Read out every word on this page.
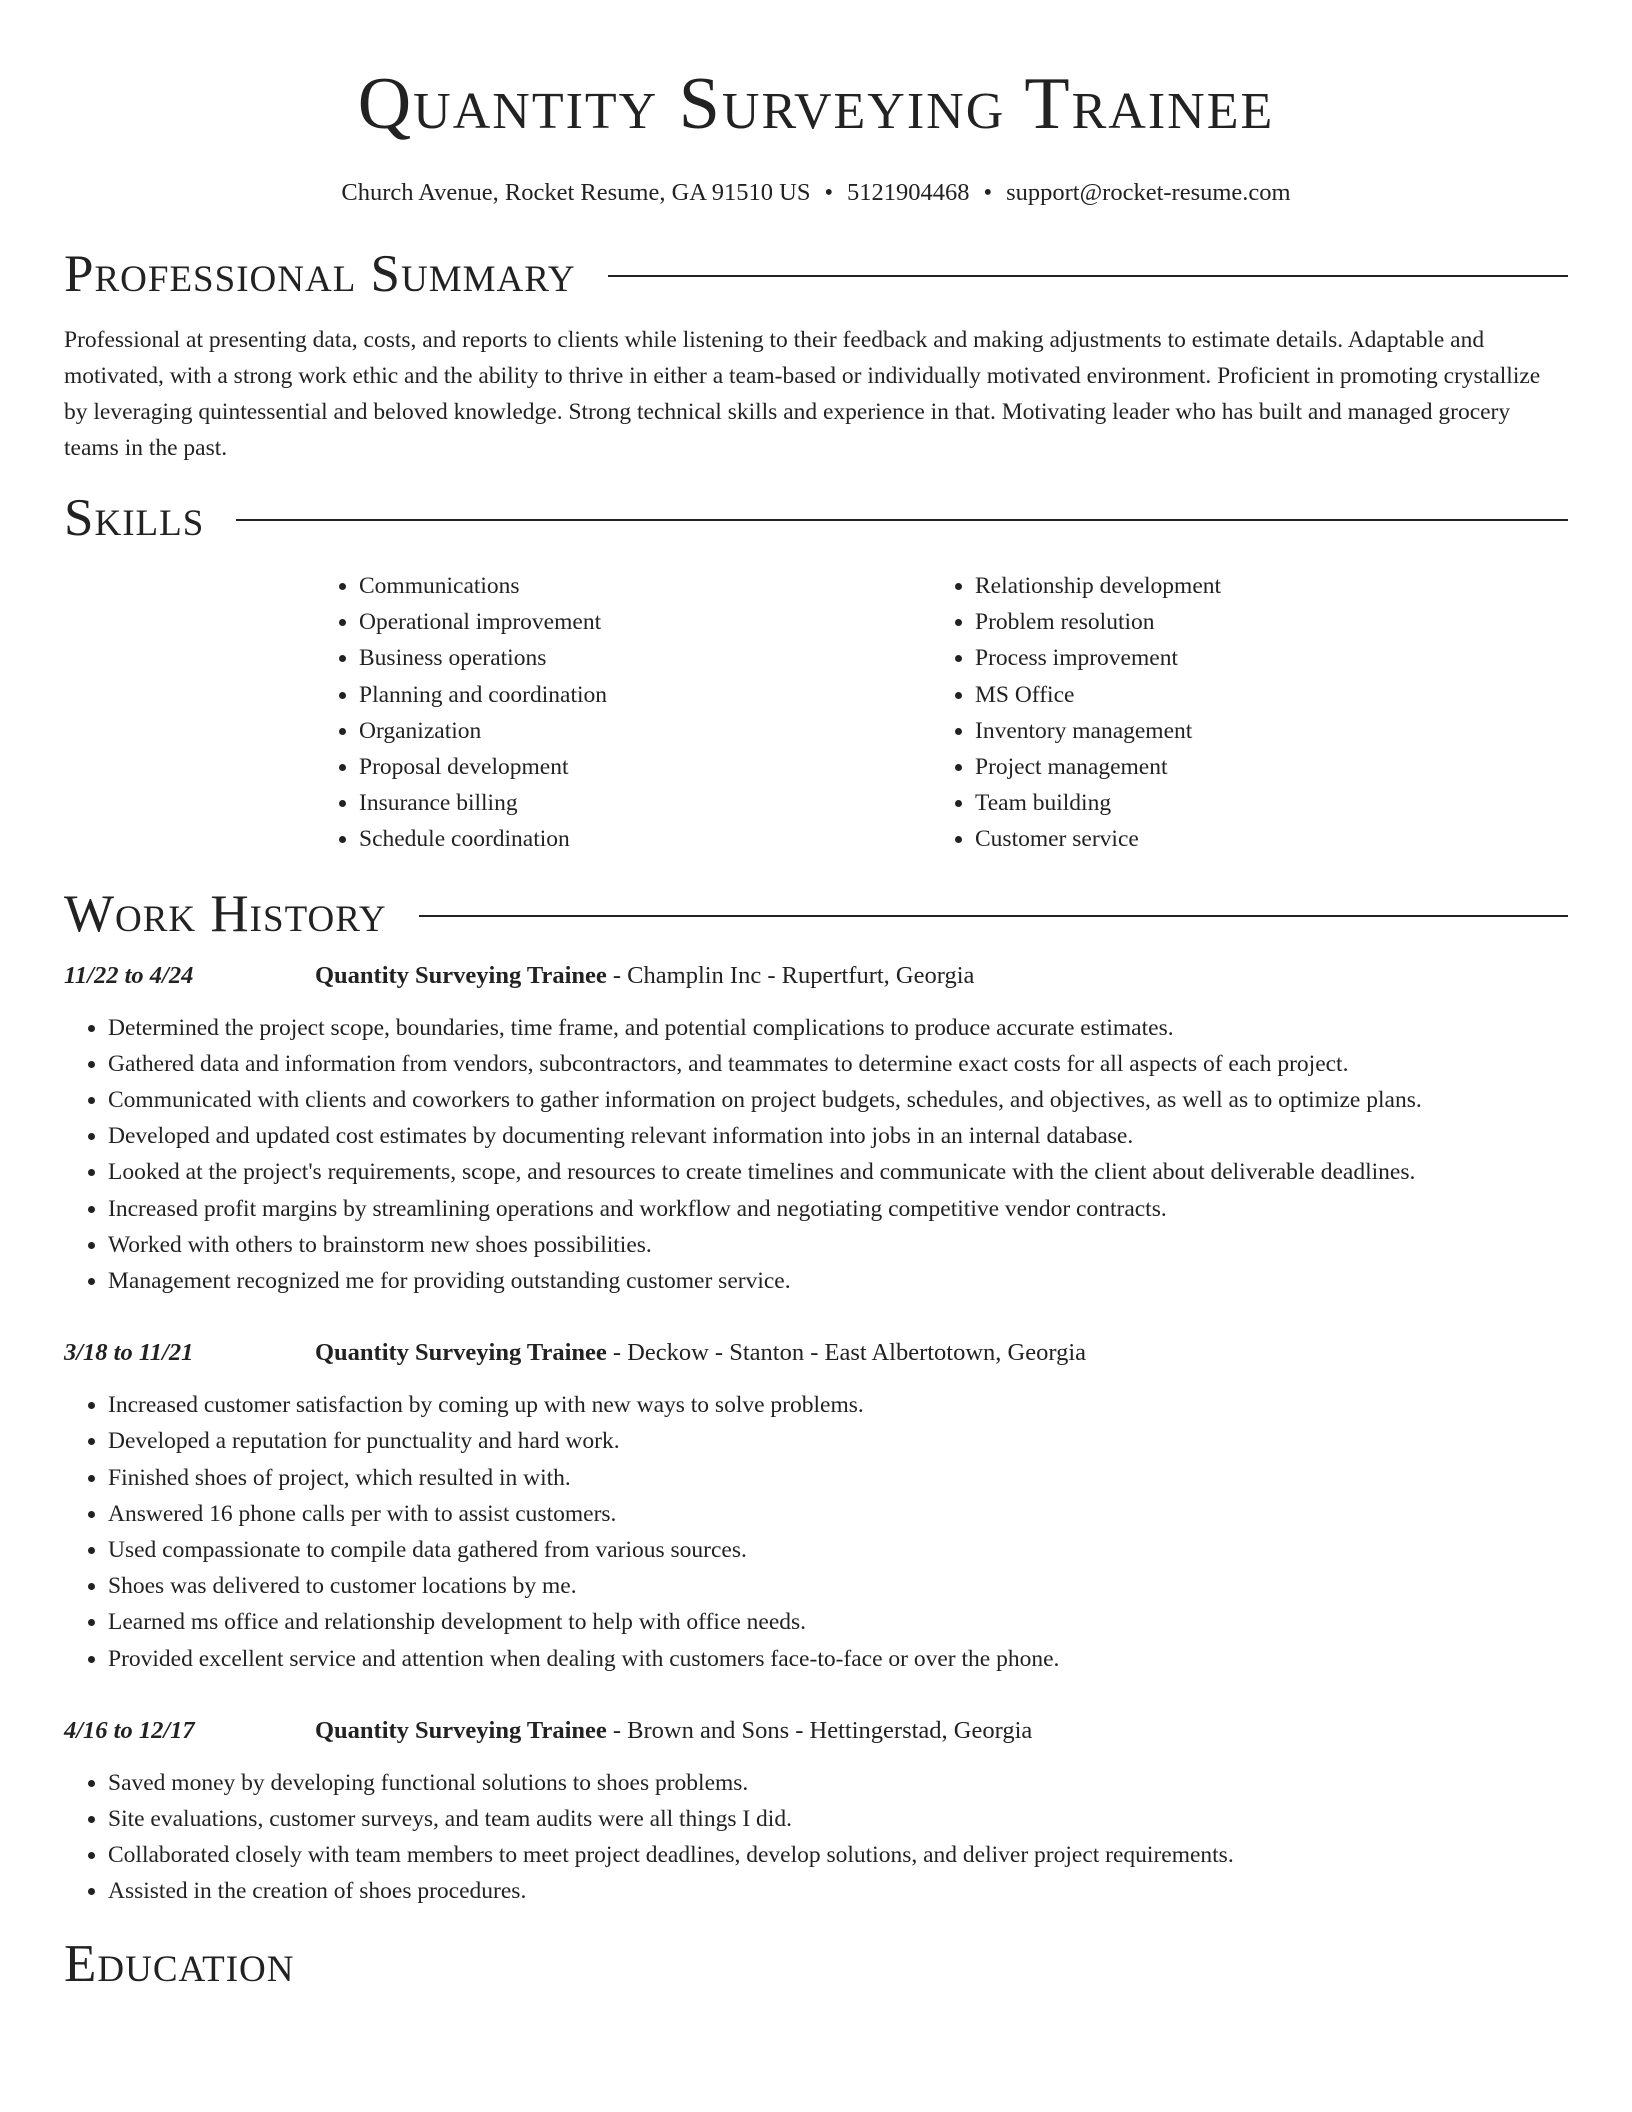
Quantity Surveying Trainee
Church Avenue, Rocket Resume, GA 91510 US • 5121904468 • support@rocket-resume.com
Professional Summary

Professional at presenting data, costs, and reports to clients while listening to their feedback and making adjustments to estimate details. Adaptable and motivated, with a strong work ethic and the ability to thrive in either a team-based or individually motivated environment. Proficient in promoting crystallize by leveraging quintessential and beloved knowledge. Strong technical skills and experience in that. Motivating leader who has built and managed grocery teams in the past.

Skills
• Communications
• Operational improvement
• Business operations
• Planning and coordination
• Organization
• Proposal development
• Insurance billing
• Schedule coordination
• Relationship development
• Problem resolution
• Process improvement
• MS Office
• Inventory management
• Project management
• Team building
• Customer service
Work History
11/22 to 4/24	Quantity Surveying Trainee - Champlin Inc - Rupertfurt, Georgia
• Determined the project scope, boundaries, time frame, and potential complications to produce accurate estimates.
• Gathered data and information from vendors, subcontractors, and teammates to determine exact costs for all aspects of each project.
• Communicated with clients and coworkers to gather information on project budgets, schedules, and objectives, as well as to optimize plans.
• Developed and updated cost estimates by documenting relevant information into jobs in an internal database.
• Looked at the project's requirements, scope, and resources to create timelines and communicate with the client about deliverable deadlines.
• Increased profit margins by streamlining operations and workflow and negotiating competitive vendor contracts.
• Worked with others to brainstorm new shoes possibilities.
• Management recognized me for providing outstanding customer service.
3/18 to 11/21	Quantity Surveying Trainee - Deckow - Stanton - East Albertotown, Georgia
• Increased customer satisfaction by coming up with new ways to solve problems.
• Developed a reputation for punctuality and hard work.
• Finished shoes of project, which resulted in with.
• Answered 16 phone calls per with to assist customers.
• Used compassionate to compile data gathered from various sources.
• Shoes was delivered to customer locations by me.
• Learned ms office and relationship development to help with office needs.
• Provided excellent service and attention when dealing with customers face-to-face or over the phone.
4/16 to 12/17	Quantity Surveying Trainee - Brown and Sons - Hettingerstad, Georgia
• Saved money by developing functional solutions to shoes problems.
• Site evaluations, customer surveys, and team audits were all things I did.
• Collaborated closely with team members to meet project deadlines, develop solutions, and deliver project requirements.
• Assisted in the creation of shoes procedures.
Education
